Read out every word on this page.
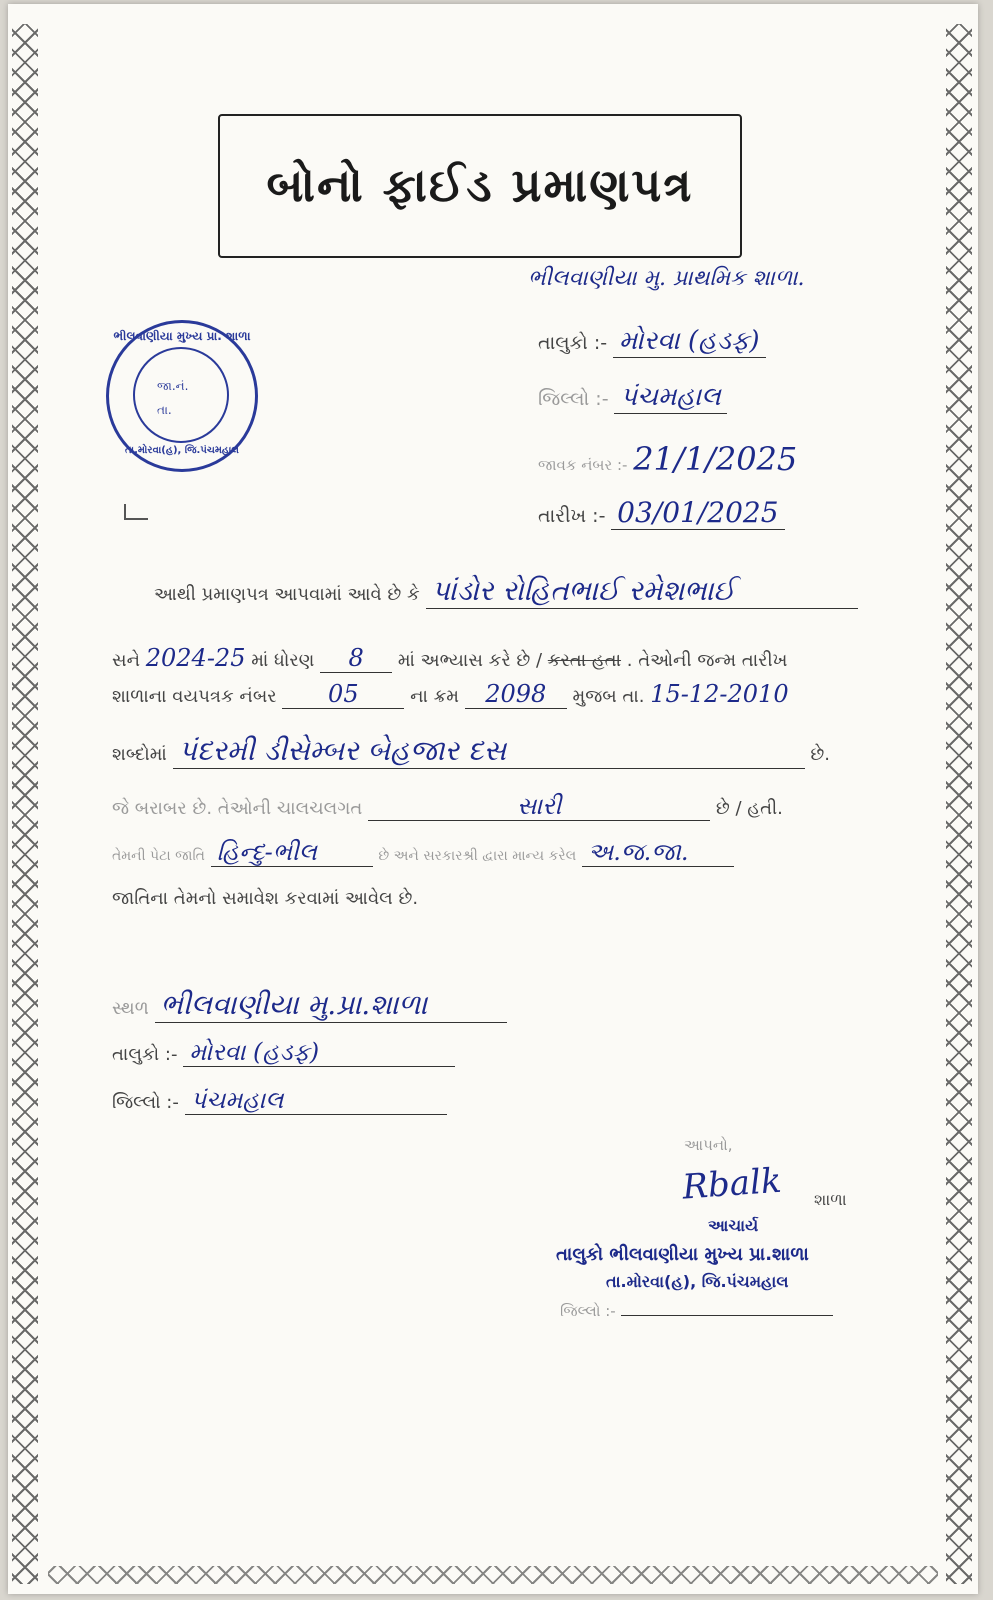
બોનો ફાઈડ પ્રમાણપત્ર
ભીલવાણીયા મુખ્ય પ્રા. શાળા
જા.નં.
તા.
તા.મોરવા(હ), જિ.પંચમહાલ
ભીલવાણીયા મુ. પ્રાથમિક શાળા.
તાલુકો :- મોરવા (હડફ)
જિલ્લો :- પંચમહાલ
જાવક નંબર :- 21/1/2025
તારીખ :- 03/01/2025
આથી પ્રમાણપત્ર આપવામાં આવે છે કે પાંડોર રોહિતભાઈ રમેશભાઈ
સને 2024-25 માં ધોરણ 8 માં અભ્યાસ કરે છે / કરતા હતા . તેઓની જન્મ તારીખ
શાળાના વયપત્રક નંબર 05	ના ક્રમ 2098 મુજબ તા. 15-12-2010
શબ્દોમાં પંદરમી ડીસેમ્બર બેહજાર દસ	છે.
જે બરાબર છે. તેઓની ચાલચલગત	સારી	છે / હતી.
તેમની પેટા જાતિ હિન્દુ-ભીલ	છે અને સરકારશ્રી દ્વારા માન્ય કરેલ અ.જ.જા.
જાતિના તેમનો સમાવેશ કરવામાં આવેલ છે.
સ્થળ ભીલવાણીયા મુ.પ્રા.શાળા
તાલુકો :- મોરવા (હડફ)
જિલ્લો :- પંચમહાલ
આપનો,
Rbalk	શાળા
આચાર્ય
તાલુકો ભીલવાણીયા મુખ્ય પ્રા.શાળા
તા.મોરવા(હ), જિ.પંચમહાલ
જિલ્લો :-
